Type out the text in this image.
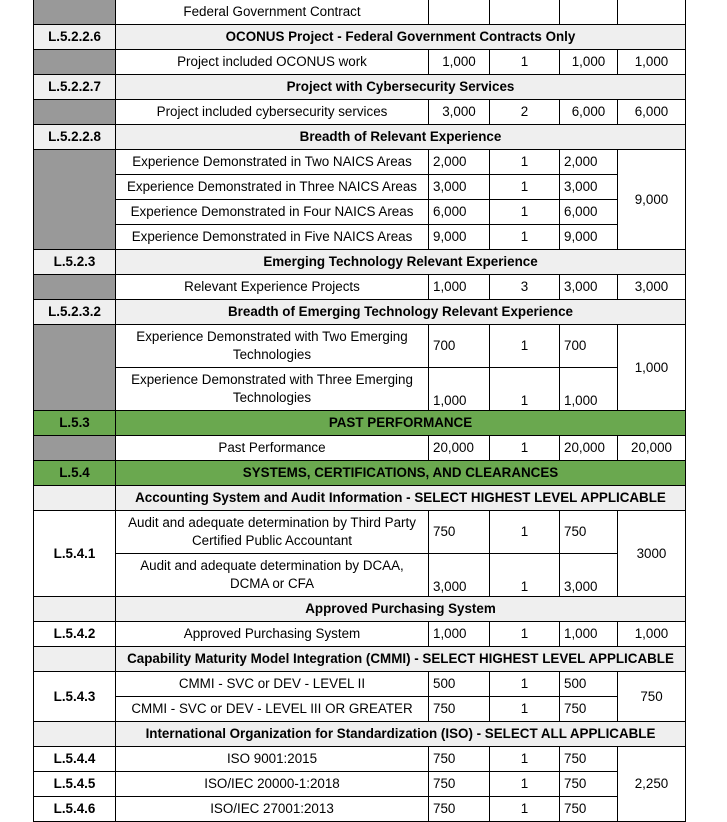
	Federal Government Contract				
L.5.2.2.6	OCONUS Project - Federal Government Contracts Only				
	Project included OCONUS work	1,000	1	1,000	1,000
L.5.2.2.7	Project with Cybersecurity Services				
	Project included cybersecurity services	3,000	2	6,000	6,000
L.5.2.2.8	Breadth of Relevant Experience				
	Experience Demonstrated in Two NAICS Areas	2,000	1	2,000	9,000
	Experience Demonstrated in Three NAICS Areas	3,000	1	3,000	
	Experience Demonstrated in Four NAICS Areas	6,000	1	6,000	
	Experience Demonstrated in Five NAICS Areas	9,000	1	9,000	
L.5.2.3	Emerging Technology Relevant Experience				
	Relevant Experience Projects	1,000	3	3,000	3,000
L.5.2.3.2	Breadth of Emerging Technology Relevant Experience				
	Experience Demonstrated with Two Emerging Technologies	700	1	700	1,000
	Experience Demonstrated with Three Emerging Technologies	1,000	1	1,000	
L.5.3	PAST PERFORMANCE				
	Past Performance	20,000	1	20,000	20,000
L.5.4	SYSTEMS, CERTIFICATIONS, AND CLEARANCES				
	Accounting System and Audit Information - SELECT HIGHEST LEVEL APPLICABLE				
L.5.4.1	Audit and adequate determination by Third Party Certified Public Accountant	750	1	750	3000
	Audit and adequate determination by DCAA, DCMA or CFA	3,000	1	3,000	
	Approved Purchasing System				
L.5.4.2	Approved Purchasing System	1,000	1	1,000	1,000
	Capability Maturity Model Integration (CMMI) - SELECT HIGHEST LEVEL APPLICABLE				
L.5.4.3	CMMI - SVC or DEV - LEVEL II	500	1	500	750
	CMMI - SVC or DEV - LEVEL III OR GREATER	750	1	750	
	International Organization for Standardization (ISO) - SELECT ALL APPLICABLE				
L.5.4.4	ISO 9001:2015	750	1	750	2,250
L.5.4.5	ISO/IEC 20000-1:2018	750	1	750	
L.5.4.6	ISO/IEC 27001:2013	750	1	750	
